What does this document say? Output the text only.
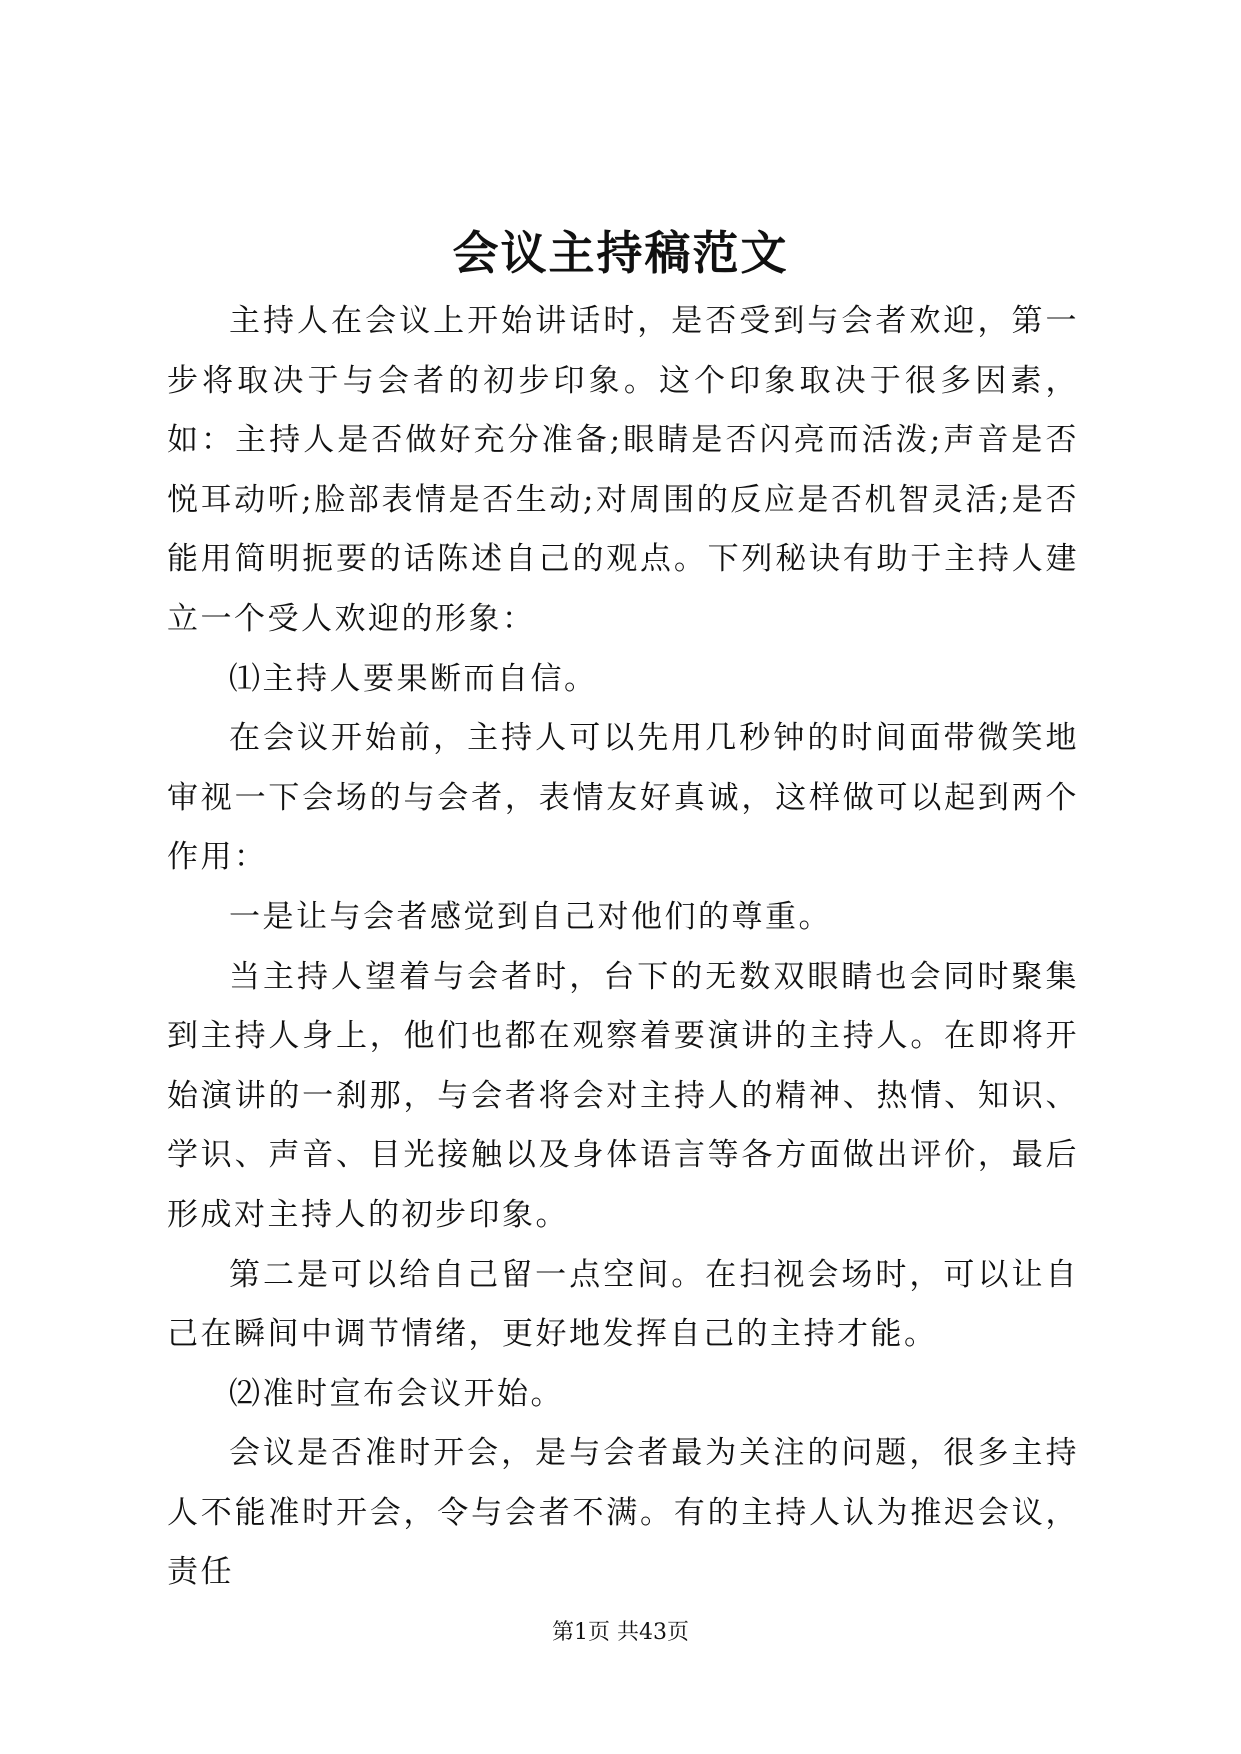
会议主持稿范文

主持人在会议上开始讲话时，是否受到与会者欢迎，第一步将取决于与会者的初步印象。这个印象取决于很多因素，如：主持人是否做好充分准备;眼睛是否闪亮而活泼;声音是否悦耳动听;脸部表情是否生动;对周围的反应是否机智灵活;是否能用简明扼要的话陈述自己的观点。下列秘诀有助于主持人建立一个受人欢迎的形象：

⑴主持人要果断而自信。

在会议开始前，主持人可以先用几秒钟的时间面带微笑地审视一下会场的与会者，表情友好真诚，这样做可以起到两个作用：

一是让与会者感觉到自己对他们的尊重。

当主持人望着与会者时，台下的无数双眼睛也会同时聚集到主持人身上，他们也都在观察着要演讲的主持人。在即将开始演讲的一刹那，与会者将会对主持人的精神、热情、知识、学识、声音、目光接触以及身体语言等各方面做出评价，最后形成对主持人的初步印象。

第二是可以给自己留一点空间。在扫视会场时，可以让自己在瞬间中调节情绪，更好地发挥自己的主持才能。

⑵准时宣布会议开始。

会议是否准时开会，是与会者最为关注的问题，很多主持人不能准时开会，令与会者不满。有的主持人认为推迟会议，责任

第1页 共43页
